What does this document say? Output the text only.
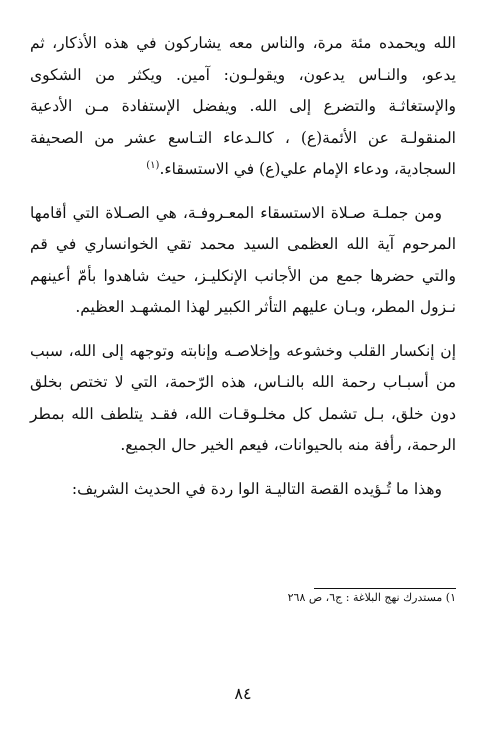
الله ويحمده مئة مرة، والناس معه يشاركون في هذه الأذكار، ثم يدعو، والنـاس يدعون، ويقولـون: آمين. ويكثر من الشكوى والإستغاثـة والتضرع إلى الله. ويفضل الإستفادة مـن الأدعية المنقولـة عن الأئمة(ع) ، كالـدعاء التـاسع عشر من الصحيفة السجادية، ودعاء الإمام علي(ع) في الاستسقاء.$^{(١)}$

ومن جملـة صـلاة الاستسقاء المعـروفـة، هي الصـلاة التي أقامها المرحوم آية الله العظمى السيد محمد تقي الخوانساري في قم والتي حضرها جمع من الأجانب الإنكليـز، حيث شاهدوا بأمّ أعينهم نـزول المطر، وبـان عليهم التأثر الكبير لهذا المشهـد العظيم.

إن إنكسار القلب وخشوعه وإخلاصـه وإنابته وتوجهه إلى الله، سبب من أسبـاب رحمة الله بالنـاس، هذه الرّحمة، التي لا تختص بخلق دون خلق، بـل تشمل كل مخلـوقـات الله، فقـد يتلطف الله بمطر الرحمة، رأفة منه بالحيوانات، فيعم الخير حال الجميع.

وهذا ما تُـؤيده القصة التاليـة الوا ردة في الحديث الشريف:

١) مستدرك نهج البلاغة : ج٦، ص ٢٦٨
٨٤
